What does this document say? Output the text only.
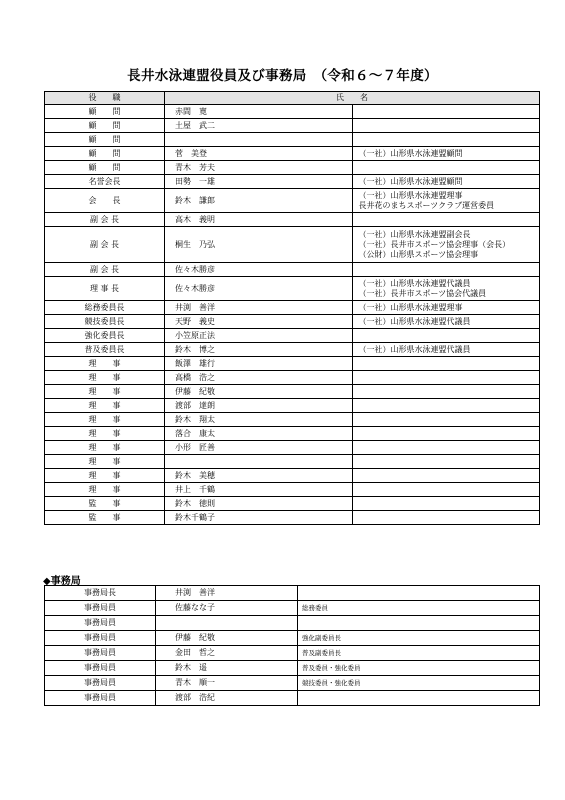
長井水泳連盟役員及び事務局　（令和６～７年度）
役　　職	氏　　名	
顧　　問	赤間　寛	
顧　　問	土屋　武二	
顧　　問		
顧　　問	菅　美登	（一社）山形県水泳連盟顧問
顧　　問	青木　芳夫	
名誉会長	田勢　一雄	（一社）山形県水泳連盟顧問
会　　長	鈴木　謙郎	（一社）山形県水泳連盟理事
長井花のまちスポーツクラブ運営委員
副 会 長	高木　義明	
副 会 長	桐生　乃弘	（一社）山形県水泳連盟副会長
（一社）長井市スポーツ協会理事（会長）
（公財）山形県スポーツ協会理事
副 会 長	佐々木勝彦	
理 事 長	佐々木勝彦	（一社）山形県水泳連盟代議員
（一社）長井市スポーツ協会代議員
総務委員長	井渕　善洋	（一社）山形県水泳連盟理事
競技委員長	天野　義史	（一社）山形県水泳連盟代議員
強化委員長	小笠原正法	
普及委員長	鈴木　博之	（一社）山形県水泳連盟代議員
理　　事	飯澤　雄行	
理　　事	高橋　浩之	
理　　事	伊藤　紀敬	
理　　事	渡部　達朗	
理　　事	鈴木　翔太	
理　　事	落合　康太	
理　　事	小形　匠善	
理　　事		
理　　事	鈴木　美穂	
理　　事	井上　千鶴	
監　　事	鈴木　徳則	
監　　事	鈴木千鶴子	
◆事務局
事務局長	井渕　善洋	
事務局員	佐藤なな子	総務委員
事務局員		
事務局員	伊藤　紀敬	強化副委員長
事務局員	金田　哲之	普及副委員長
事務局員	鈴木　遥	普及委員・強化委員
事務局員	青木　順一	競技委員・強化委員
事務局員	渡部　浩紀	
